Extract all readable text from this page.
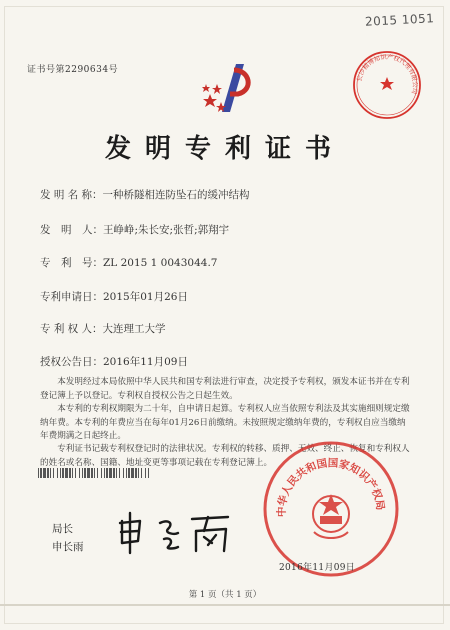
2015 1051
证书号第2290634号
长沙精博知识产权代理有限公司
发明专利证书
发 明 名 称：一种桥隧相连防坠石的缓冲结构
发　明　人：王峥峥;朱长安;张哲;郭翔宇
专　利　号：ZL 2015 1 0043044.7
专利申请日：2015年01月26日
专 利 权 人：大连理工大学
授权公告日：2016年11月09日
本发明经过本局依照中华人民共和国专利法进行审查，决定授予专利权，颁发本证书并在专利登记簿上予以登记。专利权自授权公告之日起生效。
本专利的专利权期限为二十年，自申请日起算。专利权人应当依照专利法及其实施细则规定缴纳年费。本专利的年费应当在每年01月26日前缴纳。未按照规定缴纳年费的，专利权自应当缴纳年费期满之日起终止。
专利证书记载专利权登记时的法律状况。专利权的转移、质押、无效、终止、恢复和专利权人的姓名或名称、国籍、地址变更等事项记载在专利登记簿上。
局长
申长雨
中华人民共和国国家知识产权局
2016年11月09日
第 1 页（共 1 页）
